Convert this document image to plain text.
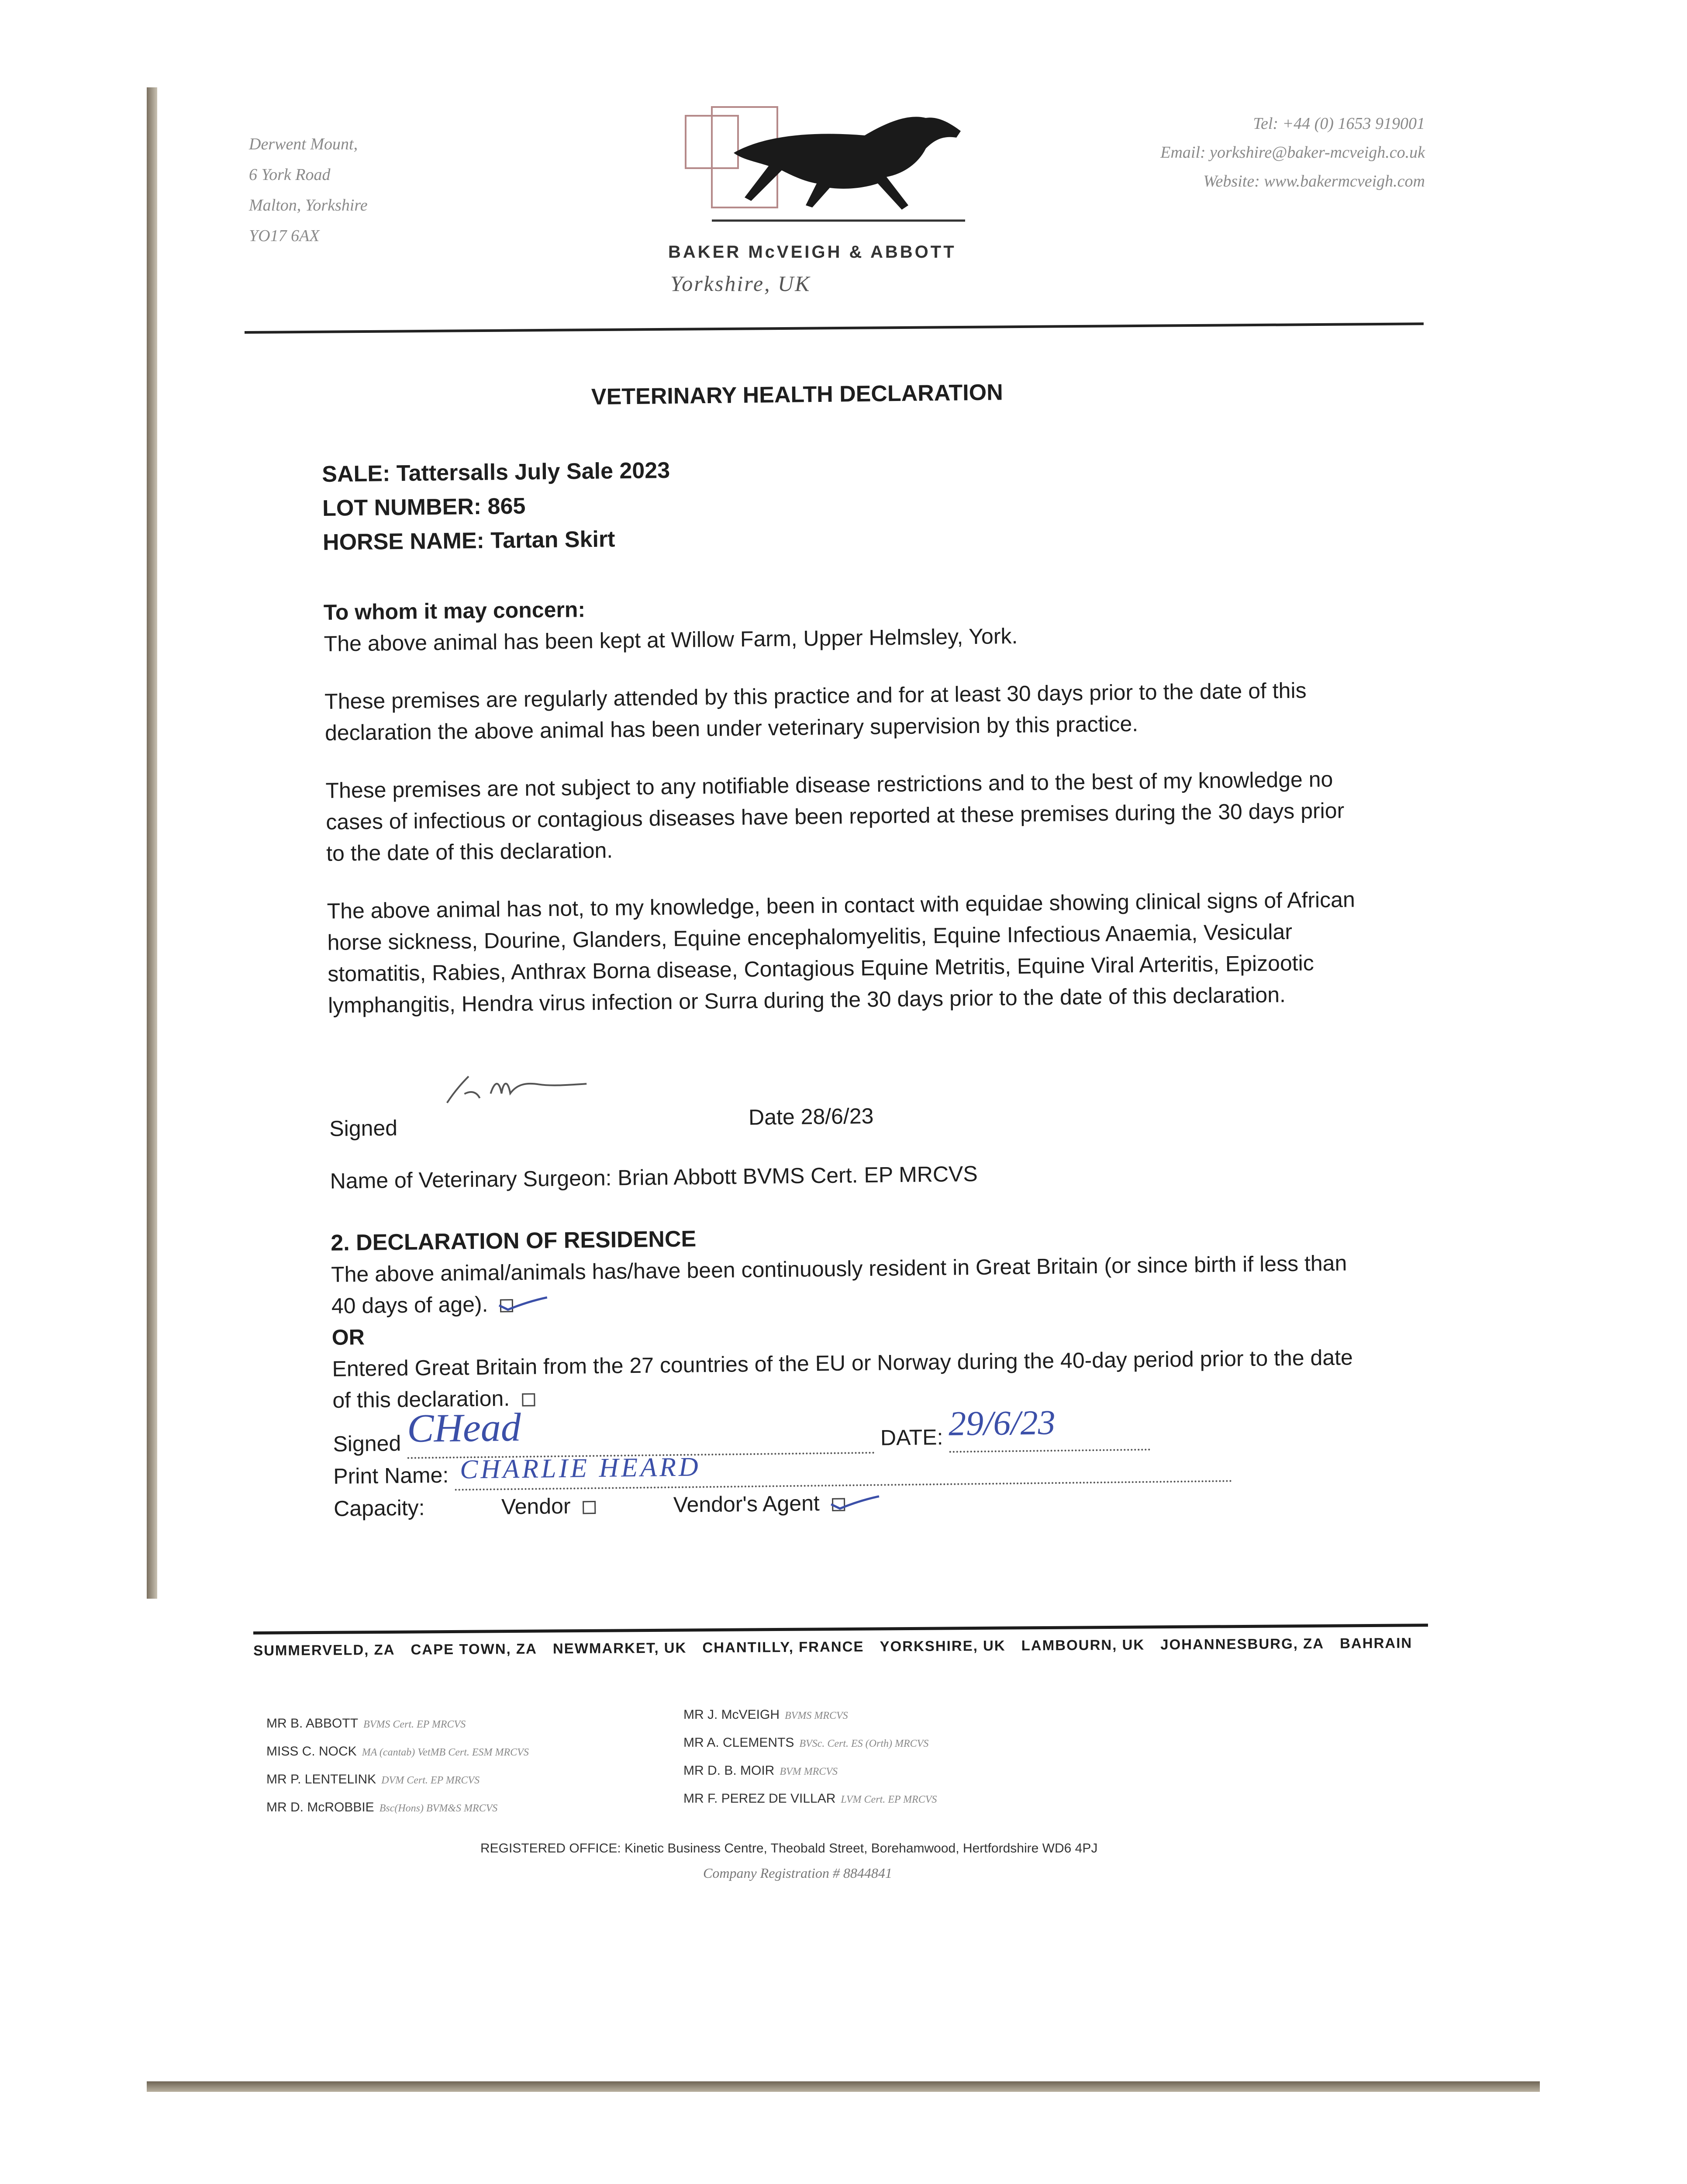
Derwent Mount,
6 York Road
Malton, Yorkshire
YO17 6AX
BAKER McVEIGH & ABBOTT
Yorkshire, UK
Tel: +44 (0) 1653 919001
Email: yorkshire@baker-mcveigh.co.uk
Website: www.bakermcveigh.com
VETERINARY HEALTH DECLARATION
SALE: Tattersalls July Sale 2023
LOT NUMBER: 865
HORSE NAME: Tartan Skirt
To whom it may concern:

The above animal has been kept at Willow Farm, Upper Helmsley, York.

These premises are regularly attended by this practice and for at least 30 days prior to the date of this declaration the above animal has been under veterinary supervision by this practice.

These premises are not subject to any notifiable disease restrictions and to the best of my knowledge no cases of infectious or contagious diseases have been reported at these premises during the 30 days prior to the date of this declaration.

The above animal has not, to my knowledge, been in contact with equidae showing clinical signs of African horse sickness, Dourine, Glanders, Equine encephalomyelitis, Equine Infectious Anaemia, Vesicular stomatitis, Rabies, Anthrax Borna disease, Contagious Equine Metritis, Equine Viral Arteritis, Epizootic lymphangitis, Hendra virus infection or Surra during the 30 days prior to the date of this declaration.

Signed	Date 28/6/23
Name of Veterinary Surgeon: Brian Abbott BVMS Cert. EP MRCVS
2. DECLARATION OF RESIDENCE
The above animal/animals has/have been continuously resident in Great Britain (or since birth if less than 40 days of age).
OR
Entered Great Britain from the 27 countries of the EU or Norway during the 40-day period prior to the date of this declaration.
Signed CHead	DATE: 29/6/23
Print Name: CHARLIE HEARD
Capacity:	Vendor	Vendor's Agent
SUMMERVELD, ZA CAPE TOWN, ZA NEWMARKET, UK CHANTILLY, FRANCE YORKSHIRE, UK LAMBOURN, UK JOHANNESBURG, ZA BAHRAIN
MR B. ABBOTT BVMS Cert. EP MRCVS
MISS C. NOCK MA (cantab) VetMB Cert. ESM MRCVS
MR P. LENTELINK DVM Cert. EP MRCVS
MR D. McROBBIE Bsc(Hons) BVM&S MRCVS
MR J. McVEIGH BVMS MRCVS
MR A. CLEMENTS BVSc. Cert. ES (Orth) MRCVS
MR D. B. MOIR BVM MRCVS
MR F. PEREZ DE VILLAR LVM Cert. EP MRCVS
REGISTERED OFFICE: Kinetic Business Centre, Theobald Street, Borehamwood, Hertfordshire WD6 4PJ
Company Registration # 8844841
